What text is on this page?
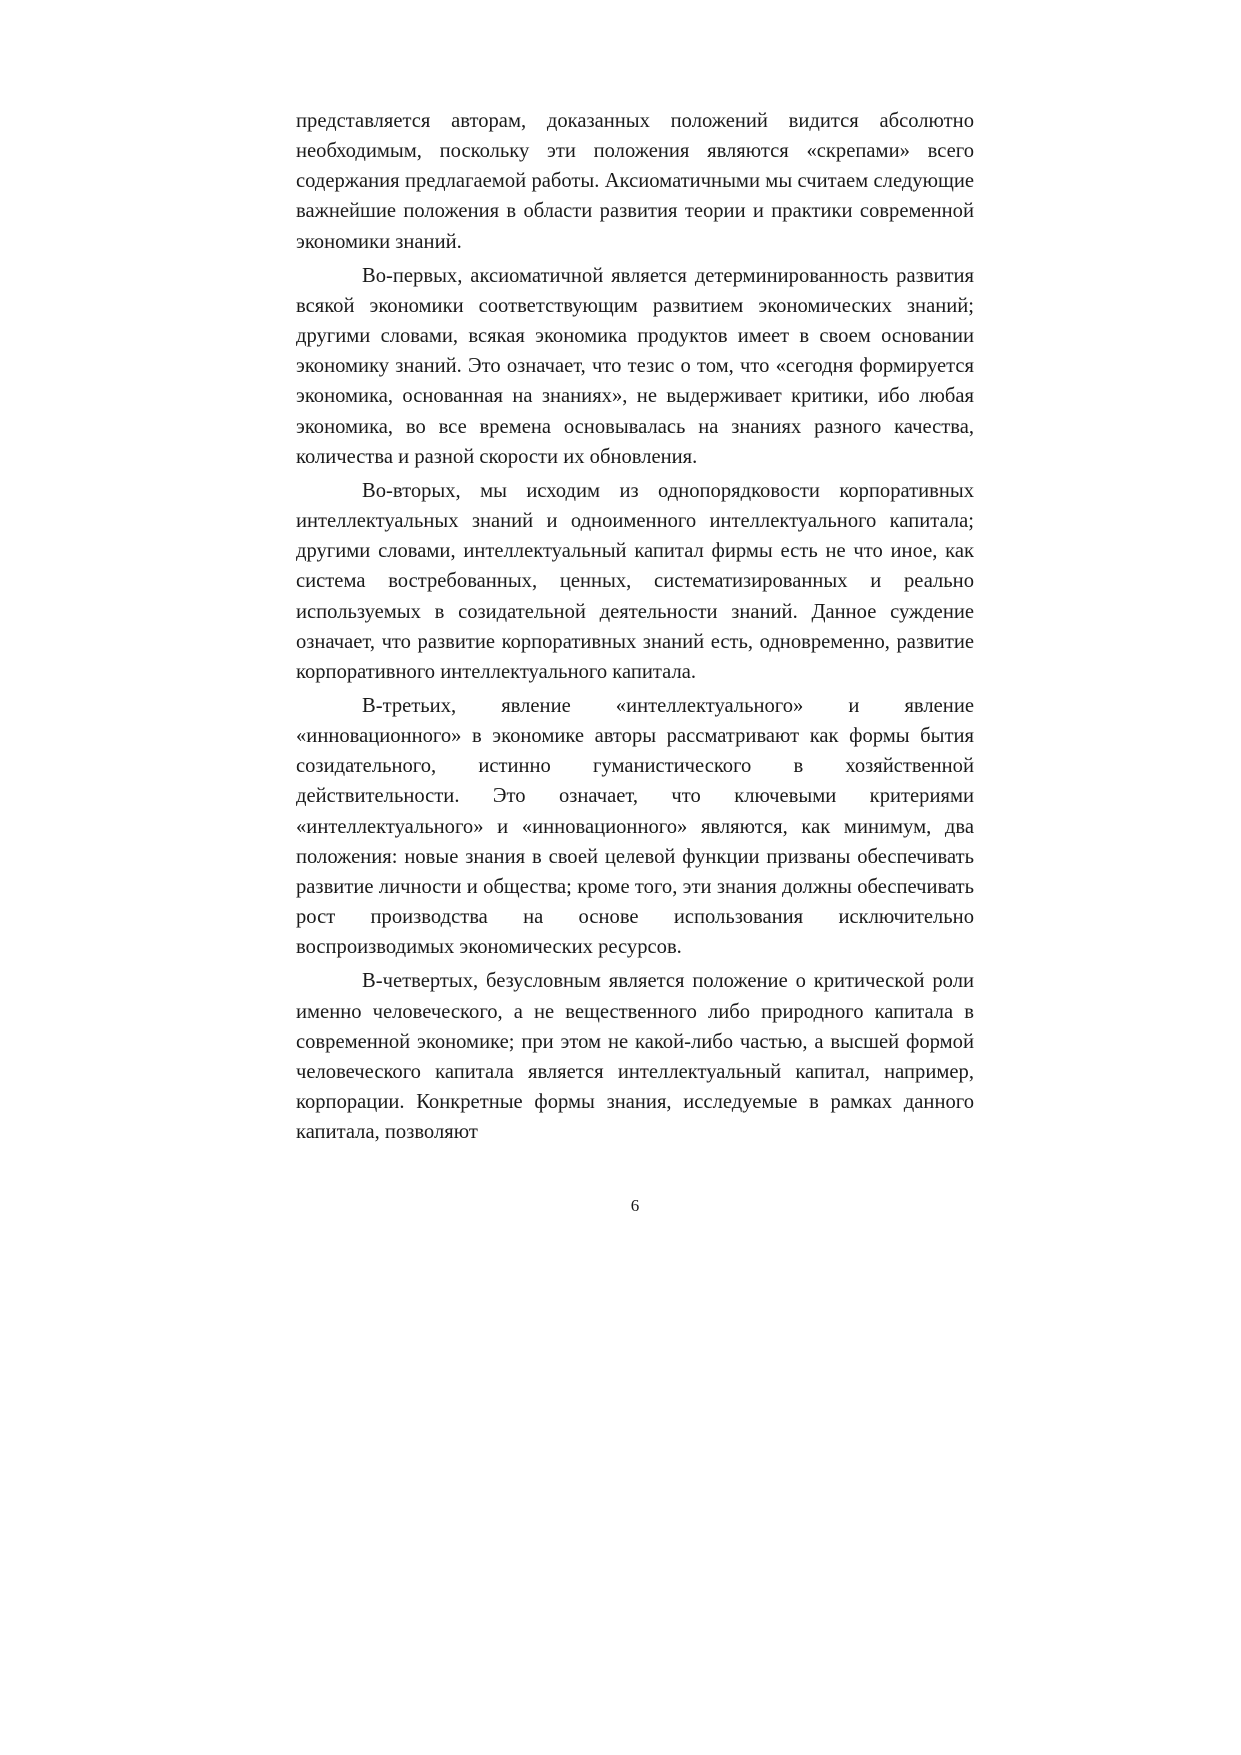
представляется авторам, доказанных положений видится абсолютно необходимым, поскольку эти положения являются «скрепами» всего содержания предлагаемой работы. Аксиоматичными мы считаем следующие важнейшие положения в области развития теории и практики современной экономики знаний.

Во-первых, аксиоматичной является детерминированность развития всякой экономики соответствующим развитием экономических знаний; другими словами, всякая экономика продуктов имеет в своем основании экономику знаний. Это означает, что тезис о том, что «сегодня формируется экономика, основанная на знаниях», не выдерживает критики, ибо любая экономика, во все времена основывалась на знаниях разного качества, количества и разной скорости их обновления.

Во-вторых, мы исходим из однопорядковости корпоративных интеллектуальных знаний и одноименного интеллектуального капитала; другими словами, интеллектуальный капитал фирмы есть не что иное, как система востребованных, ценных, систематизированных и реально используемых в созидательной деятельности знаний. Данное суждение означает, что развитие корпоративных знаний есть, одновременно, развитие корпоративного интеллектуального капитала.

В-третьих, явление «интеллектуального» и явление «инновационного» в экономике авторы рассматривают как формы бытия созидательного, истинно гуманистического в хозяйственной действительности. Это означает, что ключевыми критериями «интеллектуального» и «инновационного» являются, как минимум, два положения: новые знания в своей целевой функции призваны обеспечивать развитие личности и общества; кроме того, эти знания должны обеспечивать рост производства на основе использования исключительно воспроизводимых экономических ресурсов.

В-четвертых, безусловным является положение о критической роли именно человеческого, а не вещественного либо природного капитала в современной экономике; при этом не какой-либо частью, а высшей формой человеческого капитала является интеллектуальный капитал, например, корпорации. Конкретные формы знания, исследуемые в рамках данного капитала, позволяют

6
